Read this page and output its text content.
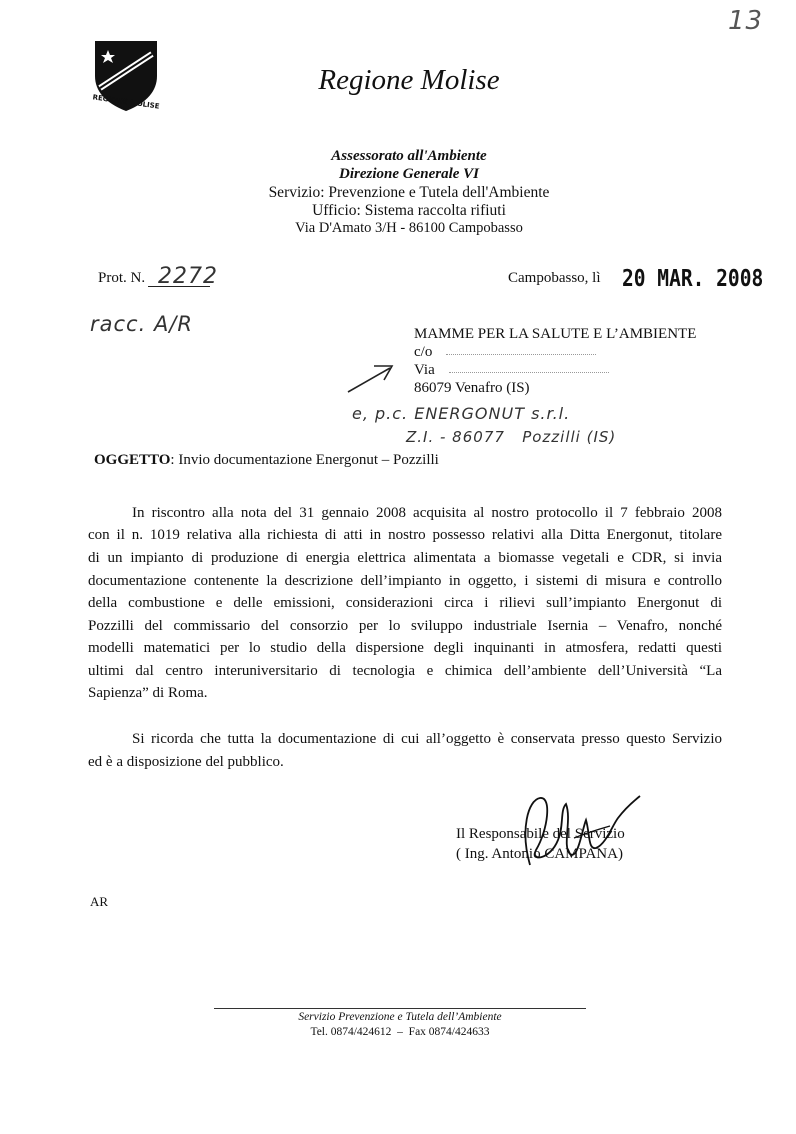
13
REGIONE MOLISE
Regione Molise
Assessorato all'Ambiente
Direzione Generale VI
Servizio: Prevenzione e Tutela dell'Ambiente
Ufficio: Sistema raccolta rifiuti
Via D'Amato 3/H - 86100 Campobasso
Prot. N. 2272	Campobasso, lì 20 MAR. 2008
racc. A/R	MAMME PER LA SALUTE E L’AMBIENTE
c/o
Via
86079 Venafro (IS)
e, p.c. ENERGONUT s.r.l.
Z.I. - 86077   Pozzilli (IS)
OGGETTO: Invio documentazione Energonut – Pozzilli

In riscontro alla nota del 31 gennaio 2008 acquisita al nostro protocollo il 7 febbraio 2008

con il n. 1019 relativa alla richiesta di atti in nostro possesso relativi alla Ditta Energonut, titolare

di un impianto di produzione di energia elettrica alimentata a biomasse vegetali e CDR, si invia

documentazione contenente la descrizione dell’impianto in oggetto, i sistemi di misura e controllo

della combustione e delle emissioni, considerazioni circa i rilievi sull’impianto Energonut di

Pozzilli del commissario del consorzio per lo sviluppo industriale Isernia – Venafro, nonché

modelli matematici per lo studio della dispersione degli inquinanti in atmosfera, redatti questi

ultimi dal centro interuniversitario di tecnologia e chimica dell’ambiente dell’Università “La

Sapienza” di Roma.

Si ricorda che tutta la documentazione di cui all’oggetto è conservata presso questo Servizio

ed è a disposizione del pubblico.

Il Responsabile del Servizio
( Ing. Antonio CAMPANA)
AR
Servizio Prevenzione e Tutela dell’Ambiente
Tel. 0874/424612  –  Fax 0874/424633
